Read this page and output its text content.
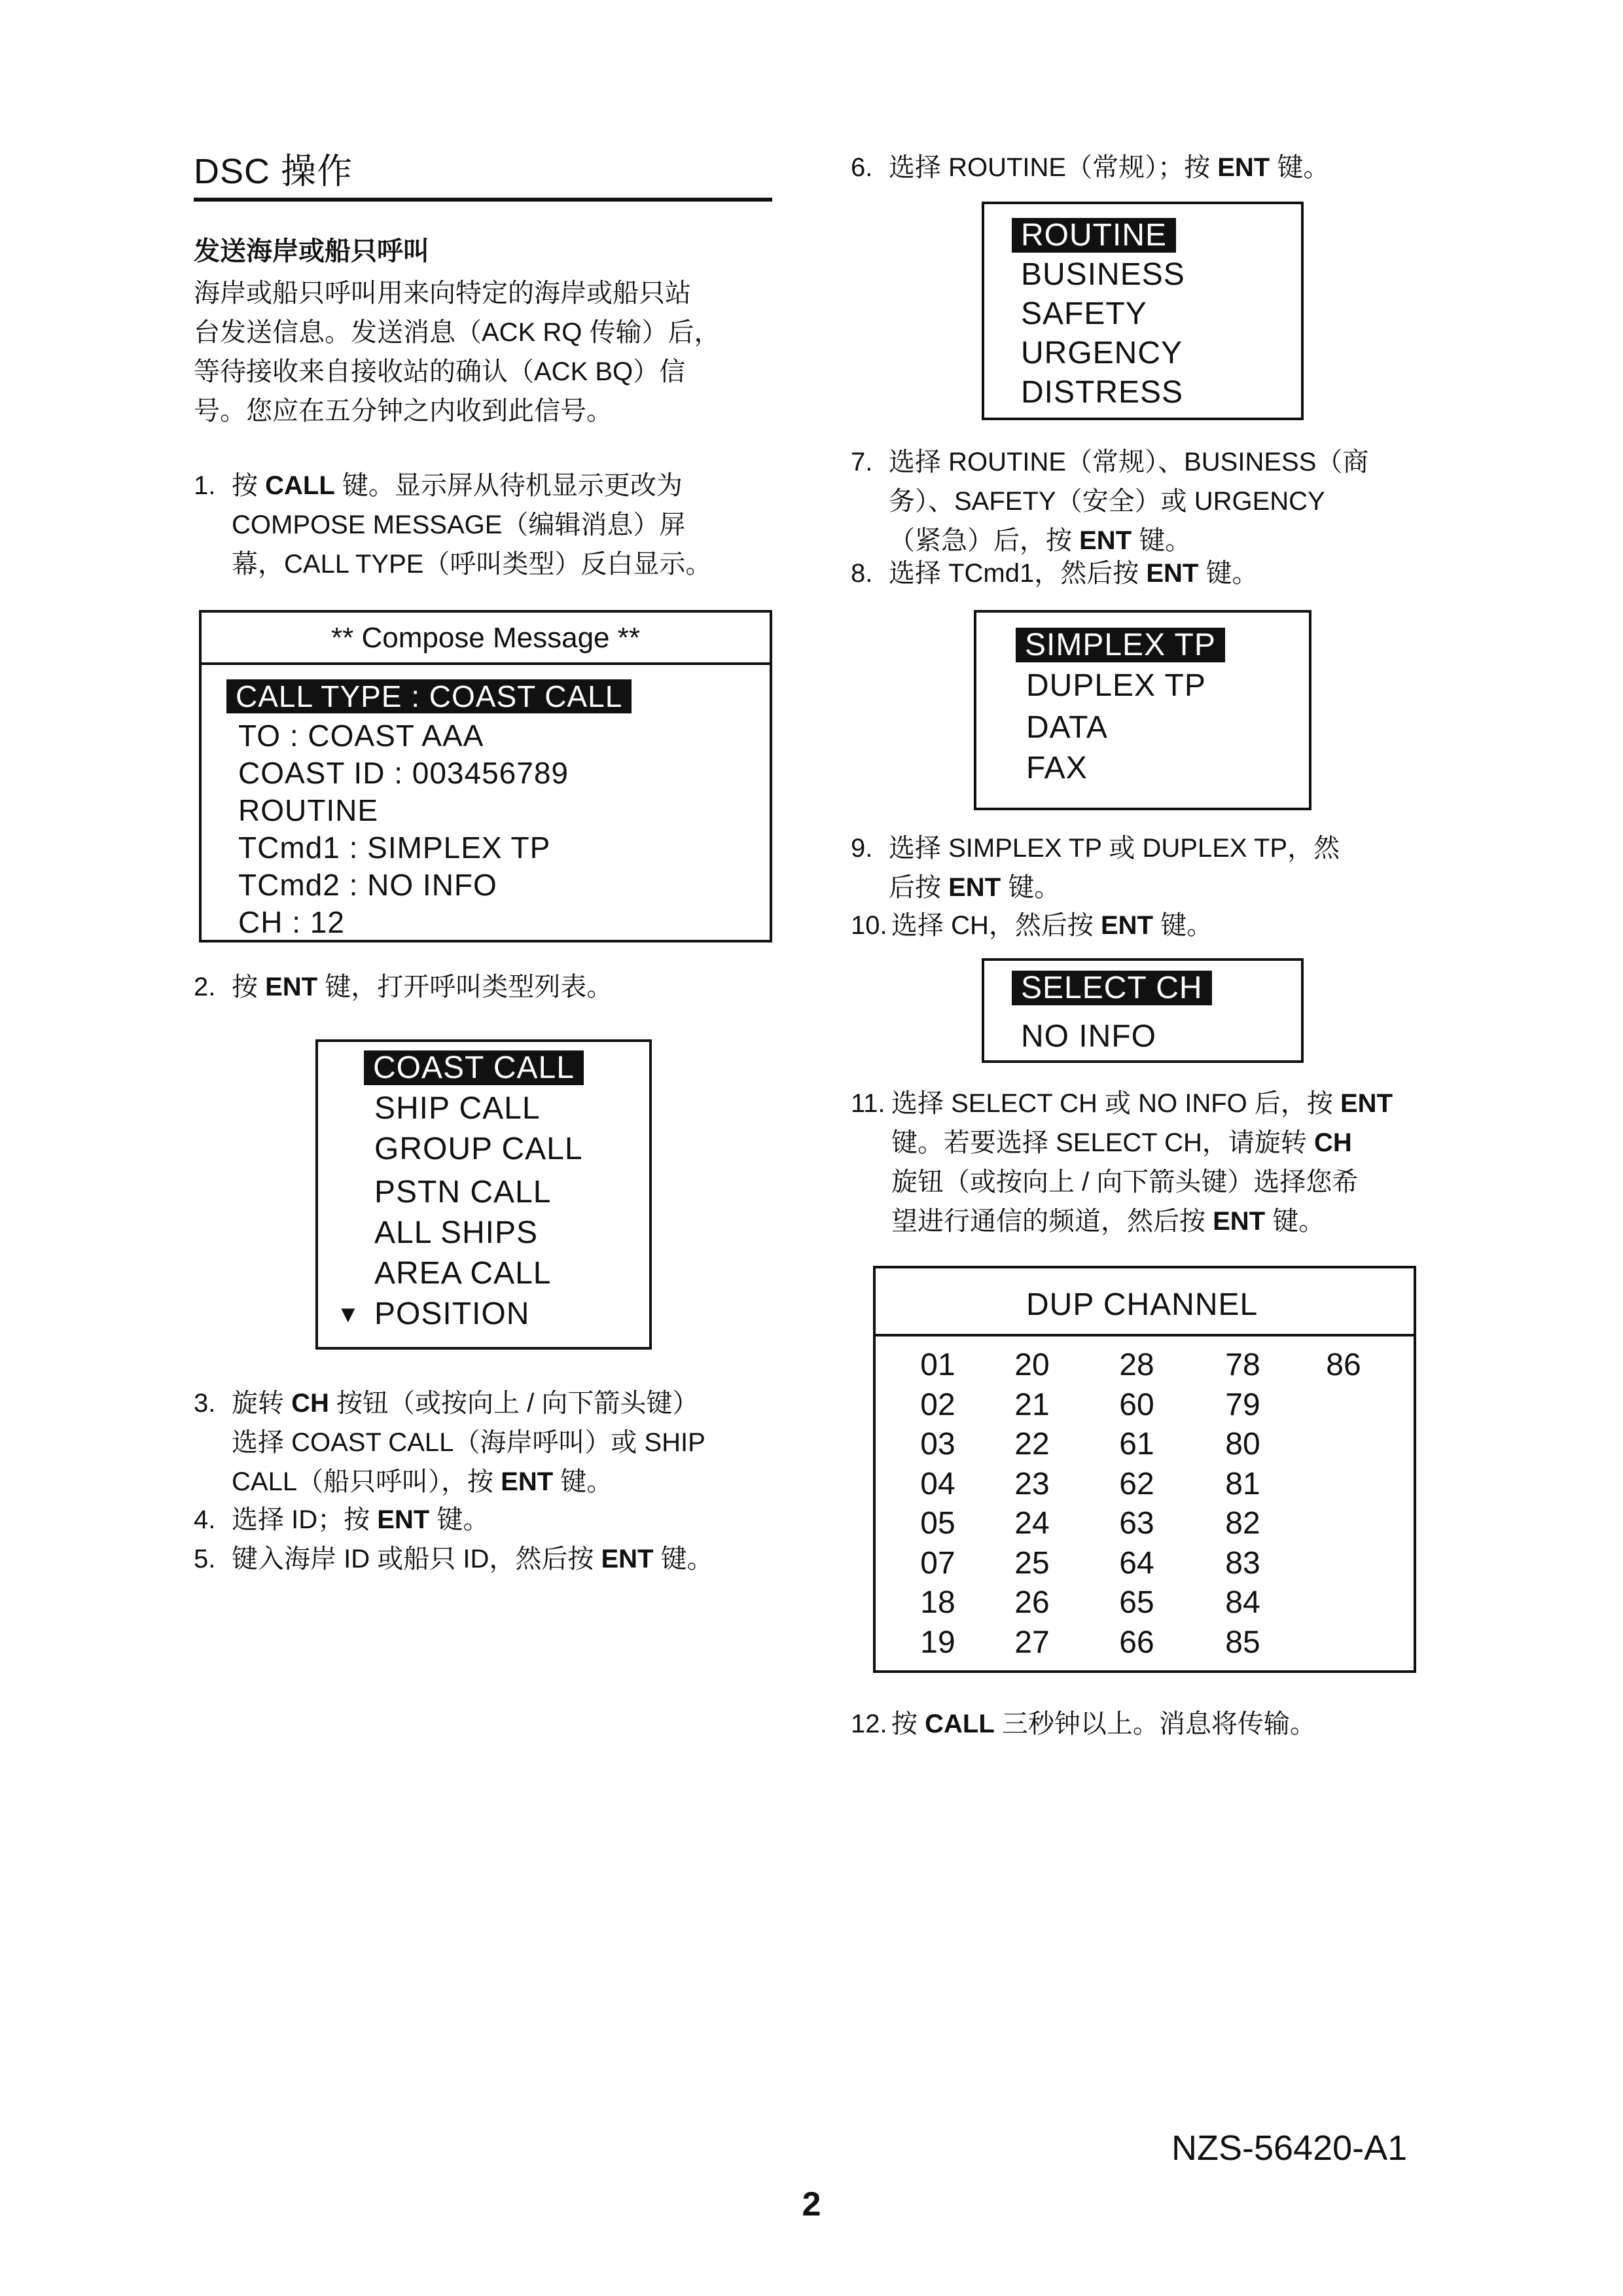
DSC 操作
发送海岸或船只呼叫
海岸或船只呼叫用来向特定的海岸或船只站
台发送信息。发送消息（ACK RQ 传输）后，
等待接收来自接收站的确认（ACK BQ）信
号。您应在五分钟之内收到此信号。
1. 按 CALL 键。显示屏从待机显示更改为
COMPOSE MESSAGE（编辑消息）屏
幕，CALL TYPE（呼叫类型）反白显示。
** Compose Message **
CALL TYPE : COAST CALL
TO : COAST AAA
COAST ID : 003456789
ROUTINE
TCmd1 : SIMPLEX TP
TCmd2 : NO INFO
CH : 12
2. 按 ENT 键，打开呼叫类型列表。
COAST CALL
SHIP CALL
GROUP CALL
PSTN CALL
ALL SHIPS
AREA CALL
▼ POSITION
3. 旋转 CH 按钮（或按向上 / 向下箭头键）
选择 COAST CALL（海岸呼叫）或 SHIP
CALL（船只呼叫），按 ENT 键。
4. 选择 ID；按 ENT 键。
5. 键入海岸 ID 或船只 ID，然后按 ENT 键。
6. 选择 ROUTINE（常规）；按 ENT 键。
ROUTINE
BUSINESS
SAFETY
URGENCY
DISTRESS
7. 选择 ROUTINE（常规）、BUSINESS（商
务）、SAFETY（安全）或 URGENCY
（紧急）后，按 ENT 键。
8. 选择 TCmd1，然后按 ENT 键。
SIMPLEX TP
DUPLEX TP
DATA
FAX
9. 选择 SIMPLEX TP 或 DUPLEX TP，然
后按 ENT 键。
10. 选择 CH，然后按 ENT 键。
SELECT CH
NO INFO
11. 选择 SELECT CH 或 NO INFO 后，按 ENT
键。若要选择 SELECT CH，请旋转 CH
旋钮（或按向上 / 向下箭头键）选择您希
望进行通信的频道，然后按 ENT 键。
DUP CHANNEL
01
02
03
04
05
07
18
19
20
21
22
23
24
25
26
27
28
60
61
62
63
64
65
66
78
79
80
81
82
83
84
85
86
12. 按 CALL 三秒钟以上。消息将传输。
NZS-56420-A1
2
